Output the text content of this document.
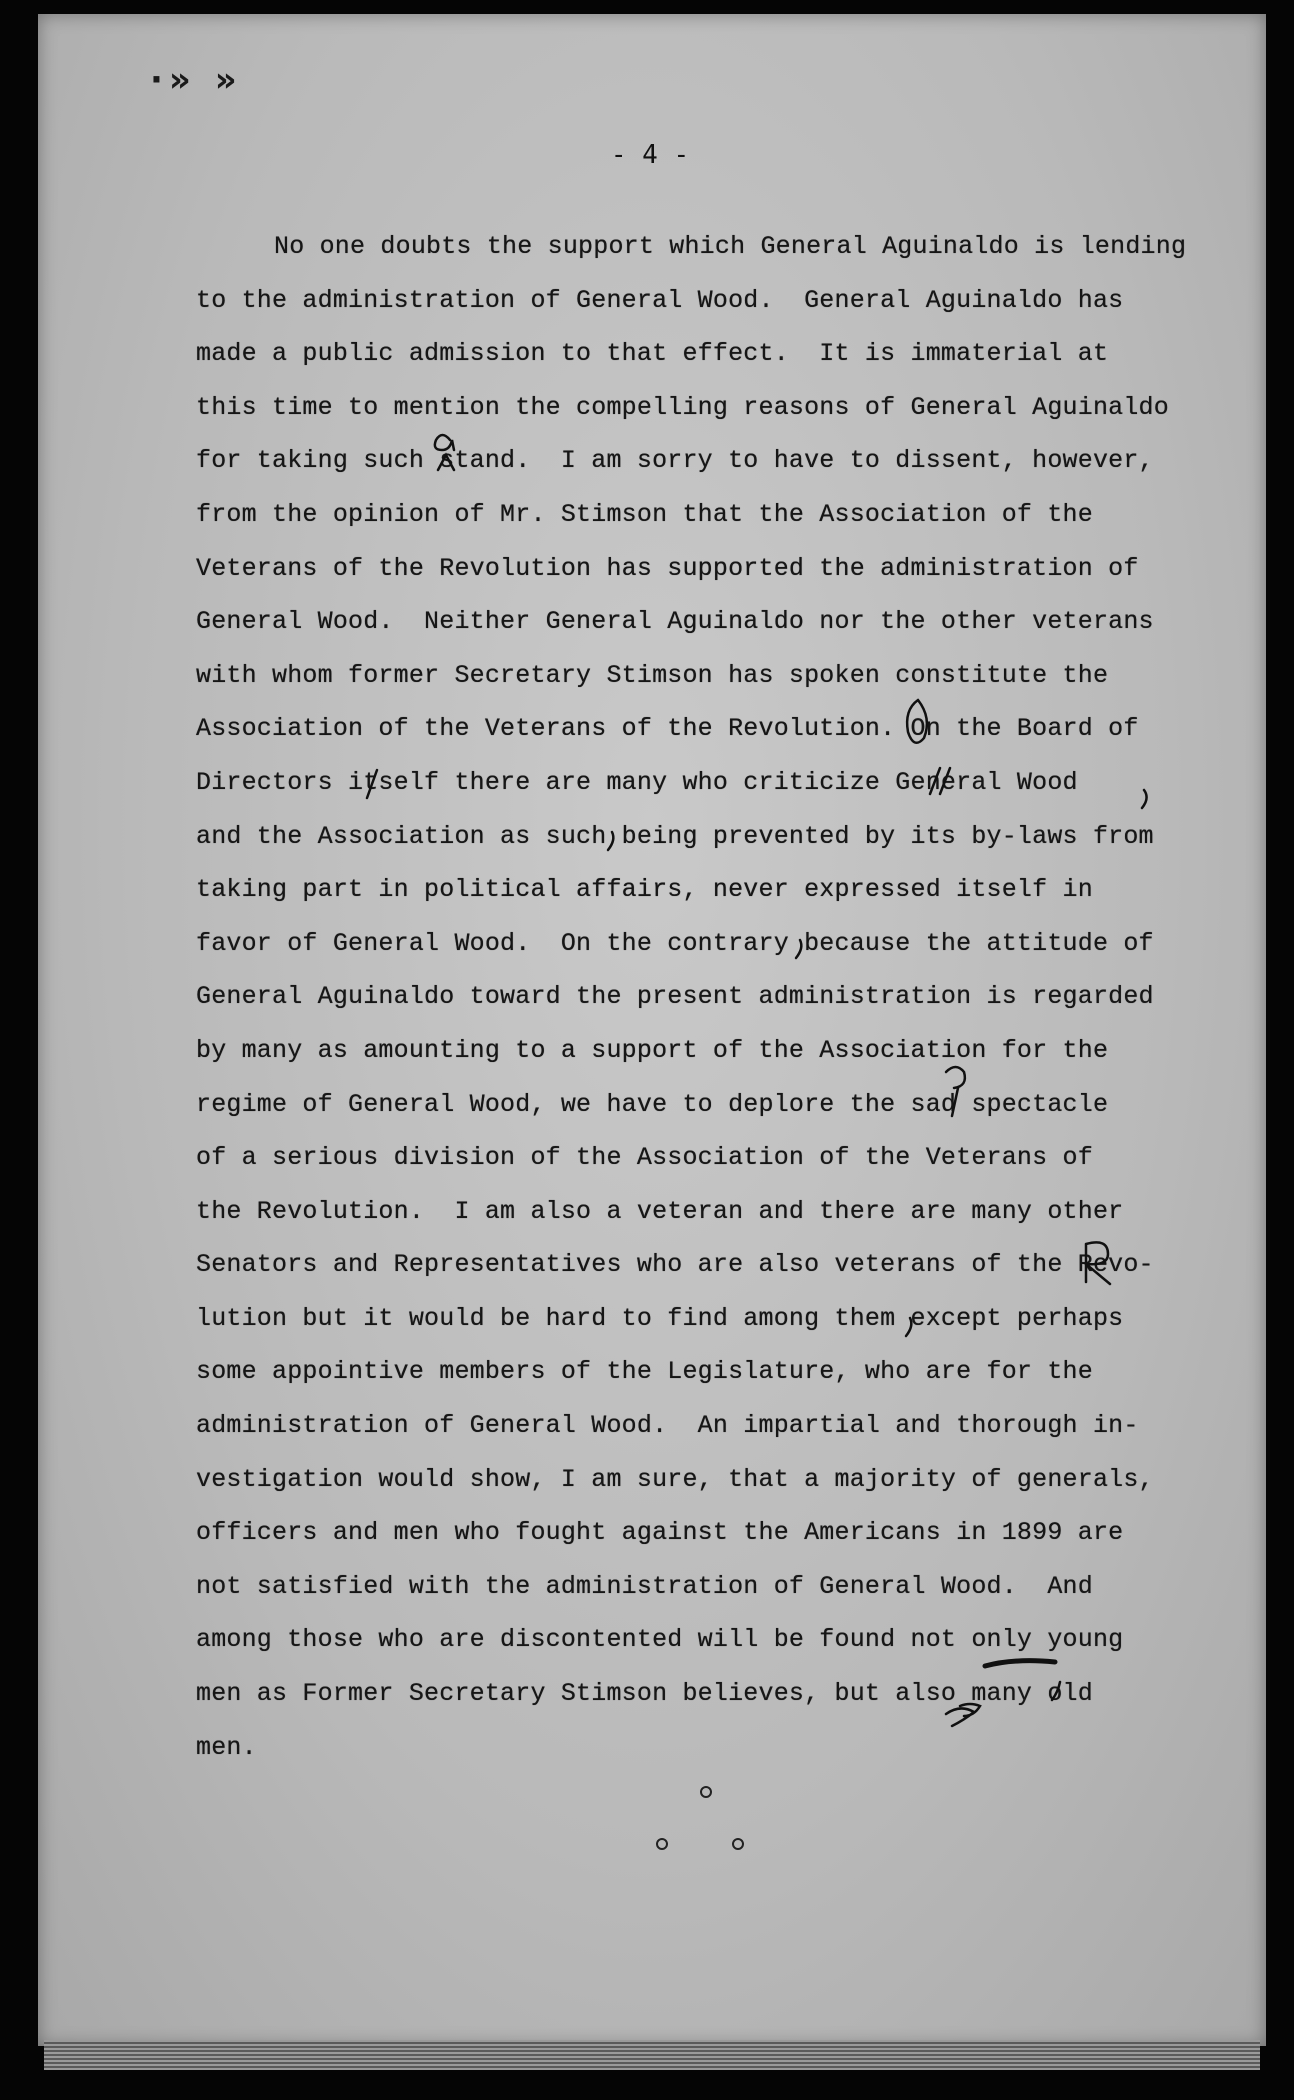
·» »
- 4 -
No one doubts the support which General Aguinaldo is lending
to the administration of General Wood.  General Aguinaldo has
made a public admission to that effect.  It is immaterial at
this time to mention the compelling reasons of General Aguinaldo
for taking such stand.  I am sorry to have to dissent, however,
from the opinion of Mr. Stimson that the Association of the
Veterans of the Revolution has supported the administration of
General Wood.  Neither General Aguinaldo nor the other veterans
with whom former Secretary Stimson has spoken constitute the
Association of the Veterans of the Revolution. On the Board of
Directors itself there are many who criticize General Wood
and the Association as such being prevented by its by-laws from
taking part in political affairs, never expressed itself in
favor of General Wood.  On the contrary because the attitude of
General Aguinaldo toward the present administration is regarded
by many as amounting to a support of the Association for the
regime of General Wood, we have to deplore the sad spectacle
of a serious division of the Association of the Veterans of
the Revolution.  I am also a veteran and there are many other
Senators and Representatives who are also veterans of the Revo-
lution but it would be hard to find among them except perhaps
some appointive members of the Legislature, who are for the
administration of General Wood.  An impartial and thorough in-
vestigation would show, I am sure, that a majority of generals,
officers and men who fought against the Americans in 1899 are
not satisfied with the administration of General Wood.  And
among those who are discontented will be found not only young
men as Former Secretary Stimson believes, but also many old
men.
